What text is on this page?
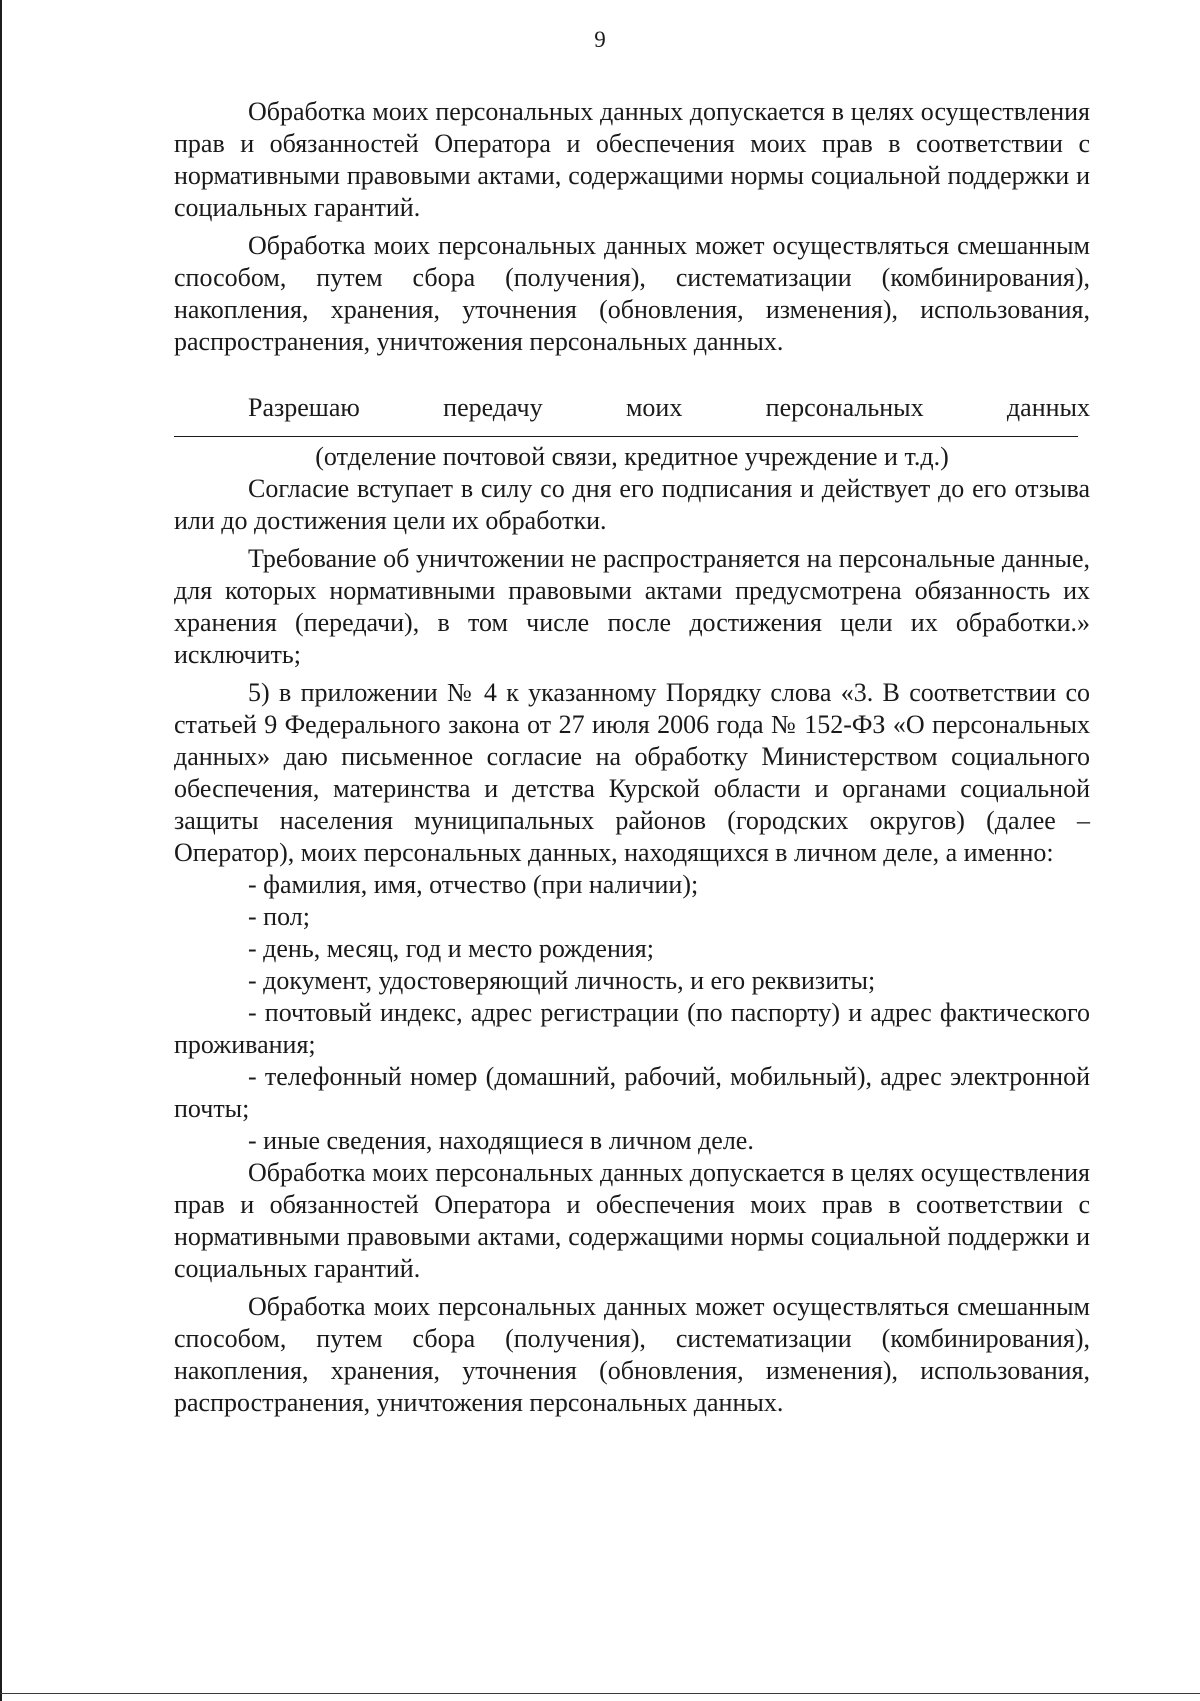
9

Обработка моих персональных данных допускается в целях осуществления прав и обязанностей Оператора и обеспечения моих прав в соответствии с нормативными правовыми актами, содержащими нормы социальной поддержки и социальных гарантий.

Обработка моих персональных данных может осуществляться смешанным способом, путем сбора (получения), систематизации (комбинирования), накопления, хранения, уточнения (обновления, изменения), использования, распространения, уничтожения персональных данных.

Разрешаю передачу моих персональных данных

(отделение почтовой связи, кредитное учреждение и т.д.)

Согласие вступает в силу со дня его подписания и действует до его отзыва или до достижения цели их обработки.

Требование об уничтожении не распространяется на персональные данные, для которых нормативными правовыми актами предусмотрена обязанность их хранения (передачи), в том числе после достижения цели их обработки.» исключить;

5) в приложении № 4 к указанному Порядку слова «3. В соответствии со статьей 9 Федерального закона от 27 июля 2006 года № 152-ФЗ «О персональных данных» даю письменное согласие на обработку Министерством социального обеспечения, материнства и детства Курской области и органами социальной защиты населения муниципальных районов (городских округов) (далее – Оператор), моих персональных данных, находящихся в личном деле, а именно:

- фамилия, имя, отчество (при наличии);

- пол;

- день, месяц, год и место рождения;

- документ, удостоверяющий личность, и его реквизиты;

- почтовый индекс, адрес регистрации (по паспорту) и адрес фактического проживания;

- телефонный номер (домашний, рабочий, мобильный), адрес электронной почты;

- иные сведения, находящиеся в личном деле.

Обработка моих персональных данных допускается в целях осуществления прав и обязанностей Оператора и обеспечения моих прав в соответствии с нормативными правовыми актами, содержащими нормы социальной поддержки и социальных гарантий.

Обработка моих персональных данных может осуществляться смешанным способом, путем сбора (получения), систематизации (комбинирования), накопления, хранения, уточнения (обновления, изменения), использования, распространения, уничтожения персональных данных.
